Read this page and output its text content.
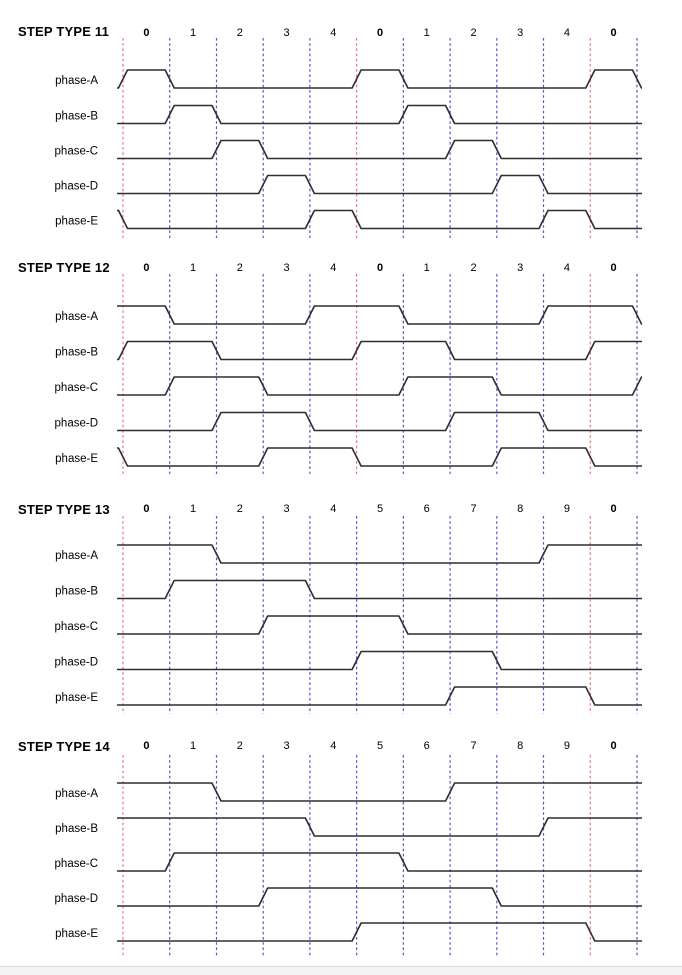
0	1	2	3	4	0	1	2	3	4	0
phase-A
phase-B
phase-C
phase-D
phase-E
0	1	2	3	4	0	1	2	3	4	0
phase-A
phase-B
phase-C
phase-D
phase-E
0	1	2	3	4	5	6	7	8	9	0
phase-A
phase-B
phase-C
phase-D
phase-E
0	1	2	3	4	5	6	7	8	9	0
phase-A
phase-B
phase-C
phase-D
phase-E
STEP TYPE 11
STEP TYPE 12
STEP TYPE 13
STEP TYPE 14
